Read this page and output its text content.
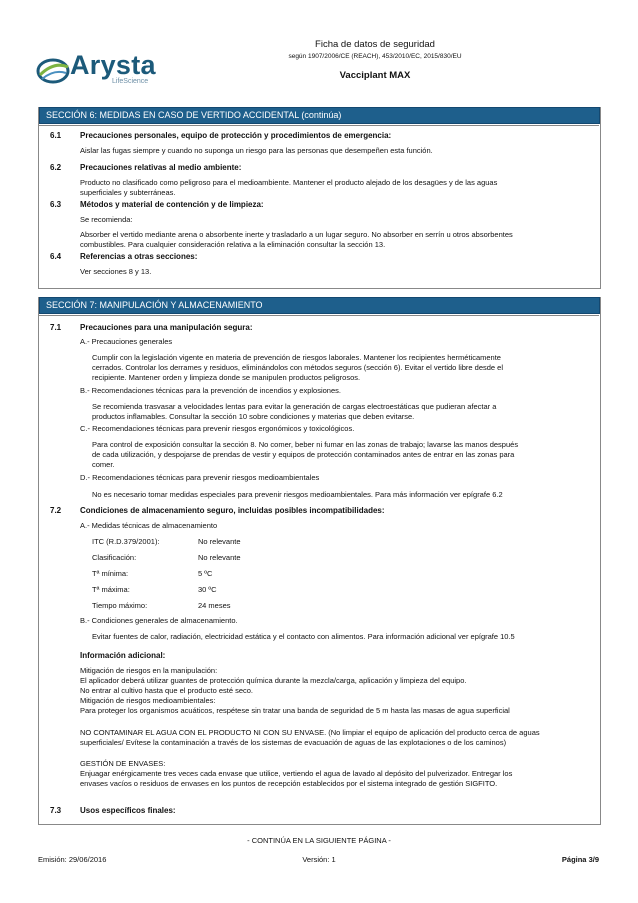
Arysta
LifeScience
Ficha de datos de seguridad
según 1907/2006/CE (REACH), 453/2010/EC, 2015/830/EU
Vacciplant MAX
SECCIÓN 6: MEDIDAS EN CASO DE VERTIDO ACCIDENTAL (continúa)
6.1 Precauciones personales, equipo de protección y procedimientos de emergencia:
Aislar las fugas siempre y cuando no suponga un riesgo para las personas que desempeñen esta función.
6.2 Precauciones relativas al medio ambiente:
Producto no clasificado como peligroso para el medioambiente. Mantener el producto alejado de los desagües y de las aguas
superficiales y subterráneas.
6.3 Métodos y material de contención y de limpieza:
Se recomienda:
Absorber el vertido mediante arena o absorbente inerte y trasladarlo a un lugar seguro. No absorber en serrín u otros absorbentes
combustibles. Para cualquier consideración relativa a la eliminación consultar la sección 13.
6.4 Referencias a otras secciones:
Ver secciones 8 y 13.
SECCIÓN 7: MANIPULACIÓN Y ALMACENAMIENTO
7.1 Precauciones para una manipulación segura:
A.- Precauciones generales
Cumplir con la legislación vigente en materia de prevención de riesgos laborales. Mantener los recipientes herméticamente
cerrados. Controlar los derrames y residuos, eliminándolos con métodos seguros (sección 6). Evitar el vertido libre desde el
recipiente. Mantener orden y limpieza donde se manipulen productos peligrosos.
B.- Recomendaciones técnicas para la prevención de incendios y explosiones.
Se recomienda trasvasar a velocidades lentas para evitar la generación de cargas electroestáticas que pudieran afectar a
productos inflamables. Consultar la sección 10 sobre condiciones y materias que deben evitarse.
C.- Recomendaciones técnicas para prevenir riesgos ergonómicos y toxicológicos.
Para control de exposición consultar la sección 8. No comer, beber ni fumar en las zonas de trabajo; lavarse las manos después
de cada utilización, y despojarse de prendas de vestir y equipos de protección contaminados antes de entrar en las zonas para
comer.
D.- Recomendaciones técnicas para prevenir riesgos medioambientales
No es necesario tomar medidas especiales para prevenir riesgos medioambientales. Para más información ver epígrafe 6.2
7.2 Condiciones de almacenamiento seguro, incluidas posibles incompatibilidades:
A.- Medidas técnicas de almacenamiento
ITC (R.D.379/2001):	No relevante
Clasificación:	No relevante
Tª mínima:	5 ºC
Tª máxima:	30 ºC
Tiempo máximo:	24 meses
B.- Condiciones generales de almacenamiento.
Evitar fuentes de calor, radiación, electricidad estática y el contacto con alimentos. Para información adicional ver epígrafe 10.5
Información adicional:
Mitigación de riesgos en la manipulación:
El aplicador deberá utilizar guantes de protección química durante la mezcla/carga, aplicación y limpieza del equipo.
No entrar al cultivo hasta que el producto esté seco.
Mitigación de riesgos medioambientales:
Para proteger los organismos acuáticos, respétese sin tratar una banda de seguridad de 5 m hasta las masas de agua superficial
NO CONTAMINAR EL AGUA CON EL PRODUCTO NI CON SU ENVASE. (No limpiar el equipo de aplicación del producto cerca de aguas
superficiales/ Evítese la contaminación a través de los sistemas de evacuación de aguas de las explotaciones o de los caminos)
GESTIÓN DE ENVASES:
Enjuagar enérgicamente tres veces cada envase que utilice, vertiendo el agua de lavado al depósito del pulverizador. Entregar los
envases vacíos o residuos de envases en los puntos de recepción establecidos por el sistema integrado de gestión SIGFITO.
7.3 Usos específicos finales:
- CONTINÚA EN LA SIGUIENTE PÁGINA -
Emisión: 29/06/2016	Versión: 1	Página 3/9
